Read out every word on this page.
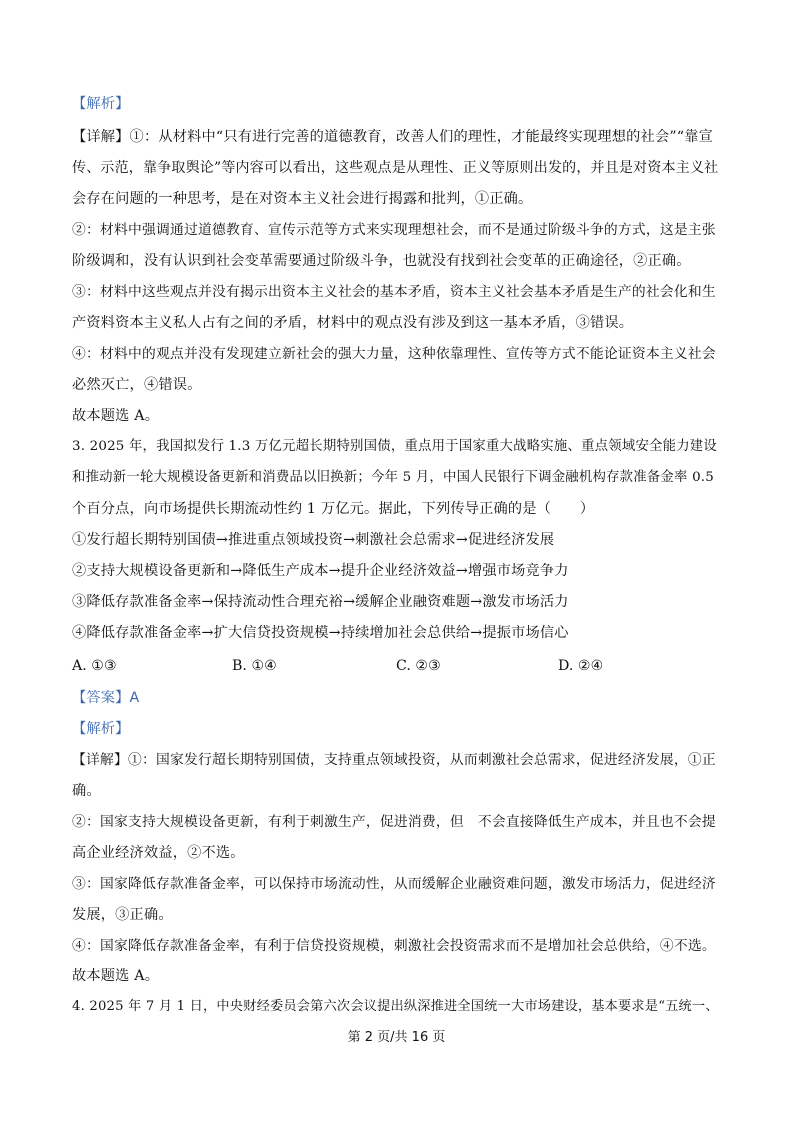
【解析】
【详解】①：从材料中“只有进行完善的道德教育，改善人们的理性，才能最终实现理想的社会”“靠宣
传、示范，靠争取舆论”等内容可以看出，这些观点是从理性、正义等原则出发的，并且是对资本主义社
会存在问题的一种思考，是在对资本主义社会进行揭露和批判，①正确。
②：材料中强调通过道德教育、宣传示范等方式来实现理想社会，而不是通过阶级斗争的方式，这是主张
阶级调和，没有认识到社会变革需要通过阶级斗争，也就没有找到社会变革的正确途径，②正确。
③：材料中这些观点并没有揭示出资本主义社会的基本矛盾，资本主义社会基本矛盾是生产的社会化和生
产资料资本主义私人占有之间的矛盾，材料中的观点没有涉及到这一基本矛盾，③错误。
④：材料中的观点并没有发现建立新社会的强大力量，这种依靠理性、宣传等方式不能论证资本主义社会
必然灭亡，④错误。
故本题选 A。
3. 2025 年，我国拟发行 1.3 万亿元超长期特别国债，重点用于国家重大战略实施、重点领域安全能力建设
和推动新一轮大规模设备更新和消费品以旧换新；今年 5 月，中国人民银行下调金融机构存款准备金率 0.5
个百分点，向市场提供长期流动性约 1 万亿元。据此，下列传导正确的是（　　）
①发行超长期特别国债→推进重点领域投资→刺激社会总需求→促进经济发展
②支持大规模设备更新和→降低生产成本→提升企业经济效益→增强市场竞争力
③降低存款准备金率→保持流动性合理充裕→缓解企业融资难题→激发市场活力
④降低存款准备金率→扩大信贷投资规模→持续增加社会总供给→提振市场信心
A. ①③	B. ①④	C. ②③	D. ②④
【答案】A
【解析】
【详解】①：国家发行超长期特别国债，支持重点领域投资，从而刺激社会总需求，促进经济发展，①正
确。
②：国家支持大规模设备更新，有利于刺激生产，促进消费，但　不会直接降低生产成本，并且也不会提
高企业经济效益，②不选。
③：国家降低存款准备金率，可以保持市场流动性，从而缓解企业融资难问题，激发市场活力，促进经济
发展，③正确。
④：国家降低存款准备金率，有利于信贷投资规模，刺激社会投资需求而不是增加社会总供给，④不选。
故本题选 A。
4. 2025 年 7 月 1 日，中央财经委员会第六次会议提出纵深推进全国统一大市场建设，基本要求是“五统一、
第 2 页/共 16 页
